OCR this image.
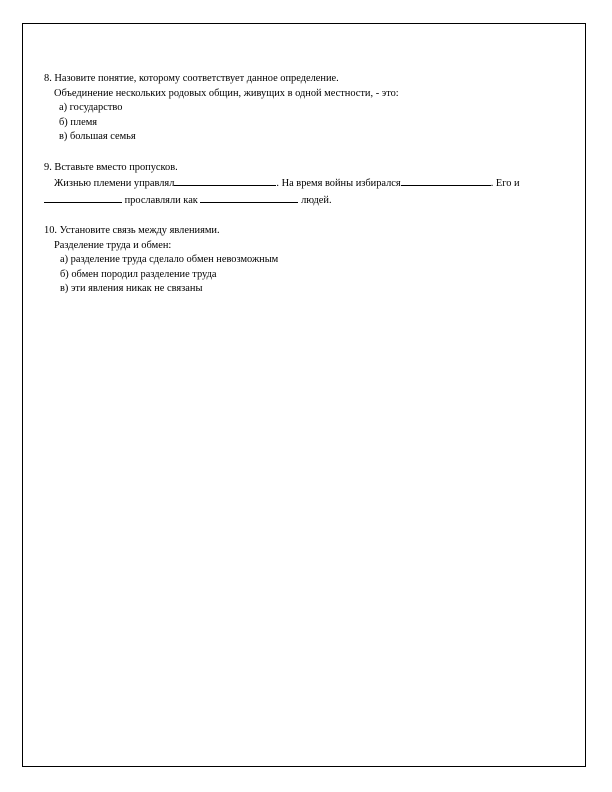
8. Назовите понятие, которому соответствует данное определение.
Объединение нескольких родовых общин, живущих в одной местности, - это:
а) государство
б) племя
в) большая семья
9. Вставьте вместо пропусков.
Жизнью племени управлял	. На время войны избирался	. Его и
прославляли как	людей.
10. Установите связь между явлениями.
Разделение труда и обмен:
а) разделение труда сделало обмен невозможным
б) обмен породил разделение труда
в) эти явления никак не связаны
